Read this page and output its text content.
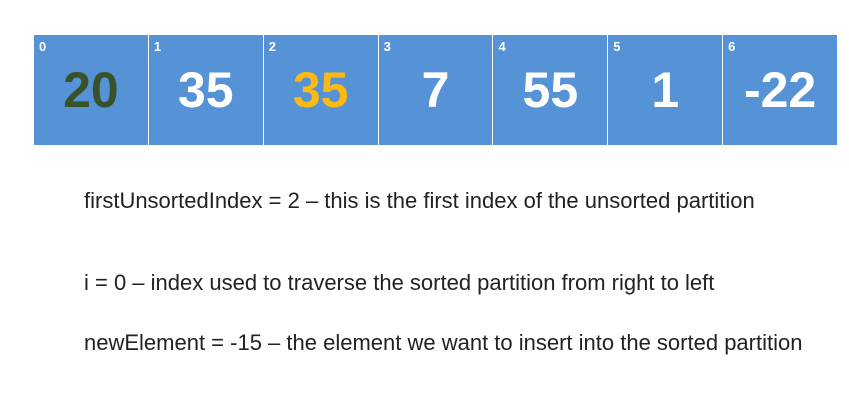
0
20
1
35
2
35
3
7
4
55
5
1
6
-22

firstUnsortedIndex = 2 – this is the first index of the unsorted partition

i = 0 – index used to traverse the sorted partition from right to left

newElement = -15 – the element we want to insert into the sorted partition
